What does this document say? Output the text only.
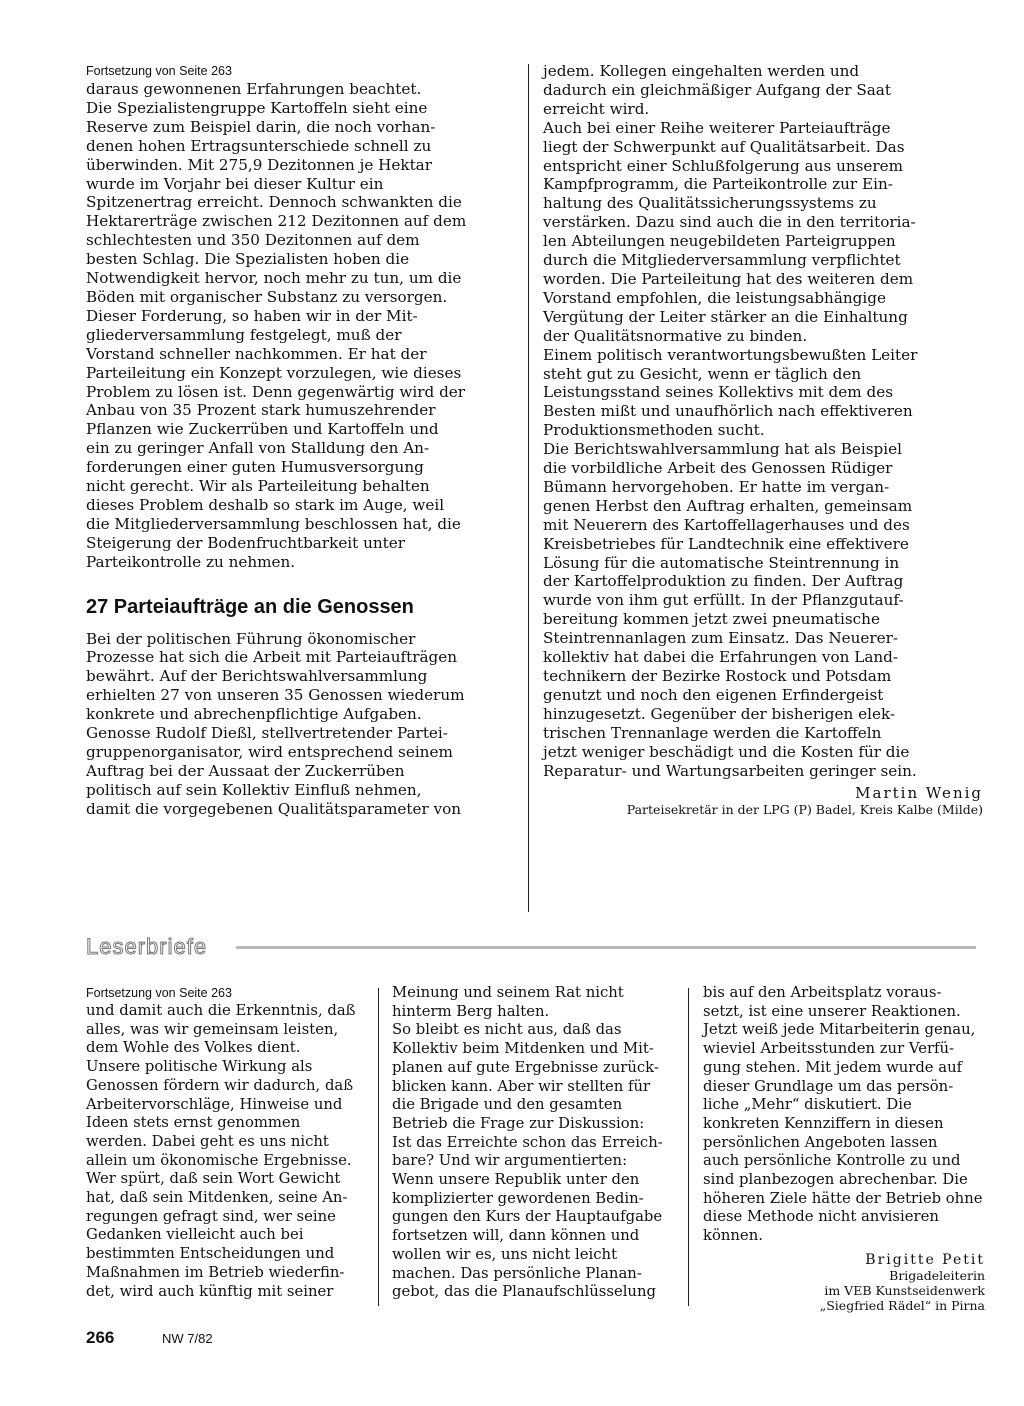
Fortsetzung von Seite 263
daraus gewonnenen Erfahrungen beachtet.
Die Spezialistengruppe Kartoffeln sieht eine
Reserve zum Beispiel darin, die noch vorhan-
denen hohen Ertragsunterschiede schnell zu
überwinden. Mit 275,9 Dezitonnen je Hektar
wurde im Vorjahr bei dieser Kultur ein
Spitzenertrag erreicht. Dennoch schwankten die
Hektarerträge zwischen 212 Dezitonnen auf dem
schlechtesten und 350 Dezitonnen auf dem
besten Schlag. Die Spezialisten hoben die
Notwendigkeit hervor, noch mehr zu tun, um die
Böden mit organischer Substanz zu versorgen.
Dieser Forderung, so haben wir in der Mit-
gliederversammlung festgelegt, muß der
Vorstand schneller nachkommen. Er hat der
Parteileitung ein Konzept vorzulegen, wie dieses
Problem zu lösen ist. Denn gegenwärtig wird der
Anbau von 35 Prozent stark humuszehrender
Pflanzen wie Zuckerrüben und Kartoffeln und
ein zu geringer Anfall von Stalldung den An-
forderungen einer guten Humusversorgung
nicht gerecht. Wir als Parteileitung behalten
dieses Problem deshalb so stark im Auge, weil
die Mitgliederversammlung beschlossen hat, die
Steigerung der Bodenfruchtbarkeit unter
Parteikontrolle zu nehmen.
27 Parteiaufträge an die Genossen
Bei der politischen Führung ökonomischer
Prozesse hat sich die Arbeit mit Parteiaufträgen
bewährt. Auf der Berichtswahlversammlung
erhielten 27 von unseren 35 Genossen wiederum
konkrete und abrechenpflichtige Aufgaben.
Genosse Rudolf Dießl, stellvertretender Partei-
gruppenorganisator, wird entsprechend seinem
Auftrag bei der Aussaat der Zuckerrüben
politisch auf sein Kollektiv Einfluß nehmen,
damit die vorgegebenen Qualitätsparameter von
jedem. Kollegen eingehalten werden und
dadurch ein gleichmäßiger Aufgang der Saat
erreicht wird.
Auch bei einer Reihe weiterer Parteiaufträge
liegt der Schwerpunkt auf Qualitätsarbeit. Das
entspricht einer Schlußfolgerung aus unserem
Kampfprogramm, die Parteikontrolle zur Ein-
haltung des Qualitätssicherungssystems zu
verstärken. Dazu sind auch die in den territoria-
len Abteilungen neugebildeten Parteigruppen
durch die Mitgliederversammlung verpflichtet
worden. Die Parteileitung hat des weiteren dem
Vorstand empfohlen, die leistungsabhängige
Vergütung der Leiter stärker an die Einhaltung
der Qualitätsnormative zu binden.
Einem politisch verantwortungsbewußten Leiter
steht gut zu Gesicht, wenn er täglich den
Leistungsstand seines Kollektivs mit dem des
Besten mißt und unaufhörlich nach effektiveren
Produktionsmethoden sucht.
Die Berichtswahlversammlung hat als Beispiel
die vorbildliche Arbeit des Genossen Rüdiger
Bümann hervorgehoben. Er hatte im vergan-
genen Herbst den Auftrag erhalten, gemeinsam
mit Neuerern des Kartoffellagerhauses und des
Kreisbetriebes für Landtechnik eine effektivere
Lösung für die automatische Steintrennung in
der Kartoffelproduktion zu finden. Der Auftrag
wurde von ihm gut erfüllt. In der Pflanzgutauf-
bereitung kommen jetzt zwei pneumatische
Steintrennanlagen zum Einsatz. Das Neuerer-
kollektiv hat dabei die Erfahrungen von Land-
technikern der Bezirke Rostock und Potsdam
genutzt und noch den eigenen Erfindergeist
hinzugesetzt. Gegenüber der bisherigen elek-
trischen Trennanlage werden die Kartoffeln
jetzt weniger beschädigt und die Kosten für die
Reparatur- und Wartungsarbeiten geringer sein.
Martin Wenig
Parteisekretär in der LPG (P) Badel, Kreis Kalbe (Milde)
Leserbriefe
Fortsetzung von Seite 263
und damit auch die Erkenntnis, daß
alles, was wir gemeinsam leisten,
dem Wohle des Volkes dient.
Unsere politische Wirkung als
Genossen fördern wir dadurch, daß
Arbeitervorschläge, Hinweise und
Ideen stets ernst genommen
werden. Dabei geht es uns nicht
allein um ökonomische Ergebnisse.
Wer spürt, daß sein Wort Gewicht
hat, daß sein Mitdenken, seine An-
regungen gefragt sind, wer seine
Gedanken vielleicht auch bei
bestimmten Entscheidungen und
Maßnahmen im Betrieb wiederfin-
det, wird auch künftig mit seiner
Meinung und seinem Rat nicht
hinterm Berg halten.
So bleibt es nicht aus, daß das
Kollektiv beim Mitdenken und Mit-
planen auf gute Ergebnisse zurück-
blicken kann. Aber wir stellten für
die Brigade und den gesamten
Betrieb die Frage zur Diskussion:
Ist das Erreichte schon das Erreich-
bare? Und wir argumentierten:
Wenn unsere Republik unter den
komplizierter gewordenen Bedin-
gungen den Kurs der Hauptaufgabe
fortsetzen will, dann können und
wollen wir es, uns nicht leicht
machen. Das persönliche Planan-
gebot, das die Planaufschlüsselung
bis auf den Arbeitsplatz voraus-
setzt, ist eine unserer Reaktionen.
Jetzt weiß jede Mitarbeiterin genau,
wieviel Arbeitsstunden zur Verfü-
gung stehen. Mit jedem wurde auf
dieser Grundlage um das persön-
liche „Mehr“ diskutiert. Die
konkreten Kennziffern in diesen
persönlichen Angeboten lassen
auch persönliche Kontrolle zu und
sind planbezogen abrechenbar. Die
höheren Ziele hätte der Betrieb ohne
diese Methode nicht anvisieren
können.
Brigitte Petit
Brigadeleiterin
im VEB Kunstseidenwerk
„Siegfried Rädel“ in Pirna
266	NW 7/82
